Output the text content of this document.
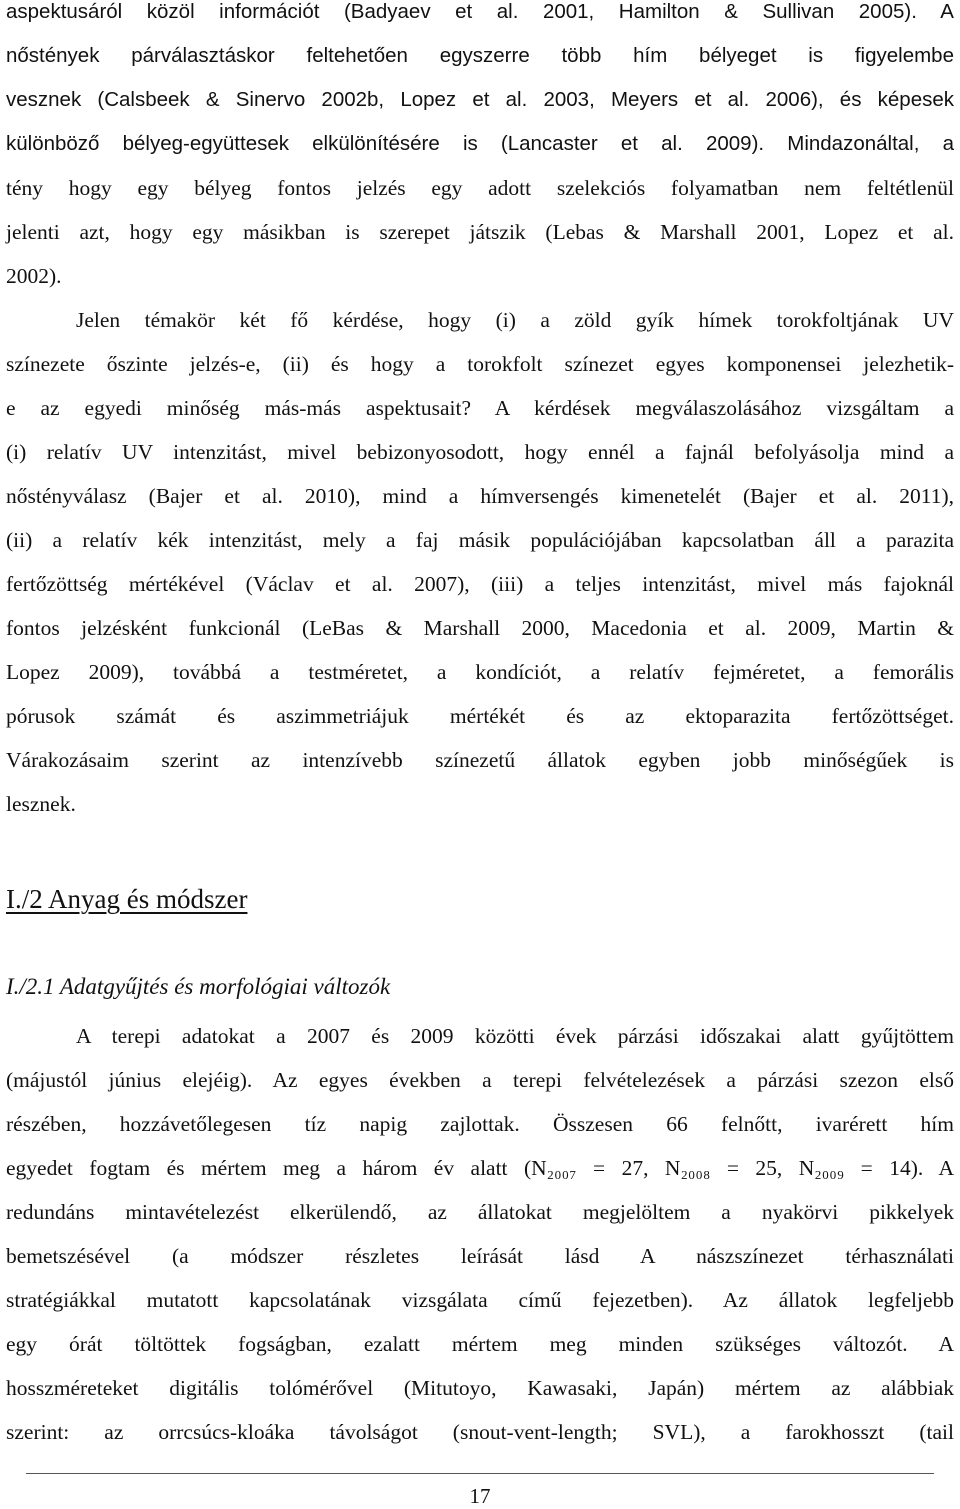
aspektusáról közöl információt (Badyaev et al. 2001, Hamilton & Sullivan 2005). A
nőstények párválasztáskor feltehetően egyszerre több hím bélyeget is figyelembe
vesznek (Calsbeek & Sinervo 2002b, Lopez et al. 2003, Meyers et al. 2006), és képesek
különböző bélyeg-együttesek elkülönítésére is (Lancaster et al. 2009). Mindazonáltal, a
tény hogy egy bélyeg fontos jelzés egy adott szelekciós folyamatban nem feltétlenül
jelenti azt, hogy egy másikban is szerepet játszik (Lebas & Marshall 2001, Lopez et al.
2002).
Jelen témakör két fő kérdése, hogy (i) a zöld gyík hímek torokfoltjának UV
színezete őszinte jelzés-e, (ii) és hogy a torokfolt színezet egyes komponensei jelezhetik-
e az egyedi minőség más-más aspektusait? A kérdések megválaszolásához vizsgáltam a
(i) relatív UV intenzitást, mivel bebizonyosodott, hogy ennél a fajnál befolyásolja mind a
nőstényválasz (Bajer et al. 2010), mind a hímversengés kimenetelét (Bajer et al. 2011),
(ii) a relatív kék intenzitást, mely a faj másik populációjában kapcsolatban áll a parazita
fertőzöttség mértékével (Václav et al. 2007), (iii) a teljes intenzitást, mivel más fajoknál
fontos jelzésként funkcionál (LeBas & Marshall 2000, Macedonia et al. 2009, Martin &
Lopez 2009), továbbá a testméretet, a kondíciót, a relatív fejméretet, a femorális
pórusok számát és aszimmetriájuk mértékét és az ektoparazita fertőzöttséget.
Várakozásaim szerint az intenzívebb színezetű állatok egyben jobb minőségűek is
lesznek.
I./2 Anyag és módszer
I./2.1 Adatgyűjtés és morfológiai változók
A terepi adatokat a 2007 és 2009 közötti évek párzási időszakai alatt gyűjtöttem
(májustól június elejéig). Az egyes években a terepi felvételezések a párzási szezon első
részében, hozzávetőlegesen tíz napig zajlottak. Összesen 66 felnőtt, ivarérett hím
egyedet fogtam és mértem meg a három év alatt (N₂₀₀₇ = 27, N₂₀₀₈ = 25, N₂₀₀₉ = 14). A
redundáns mintavételezést elkerülendő, az állatokat megjelöltem a nyakörvi pikkelyek
bemetszésével (a módszer részletes leírását lásd A nászszínezet térhasználati
stratégiákkal mutatott kapcsolatának vizsgálata című fejezetben). Az állatok legfeljebb
egy órát töltöttek fogságban, ezalatt mértem meg minden szükséges változót. A
hosszméreteket digitális tolómérővel (Mitutoyo, Kawasaki, Japán) mértem az alábbiak
szerint: az orrcsúcs-kloáka távolságot (snout-vent-length; SVL), a farokhosszt (tail
17
